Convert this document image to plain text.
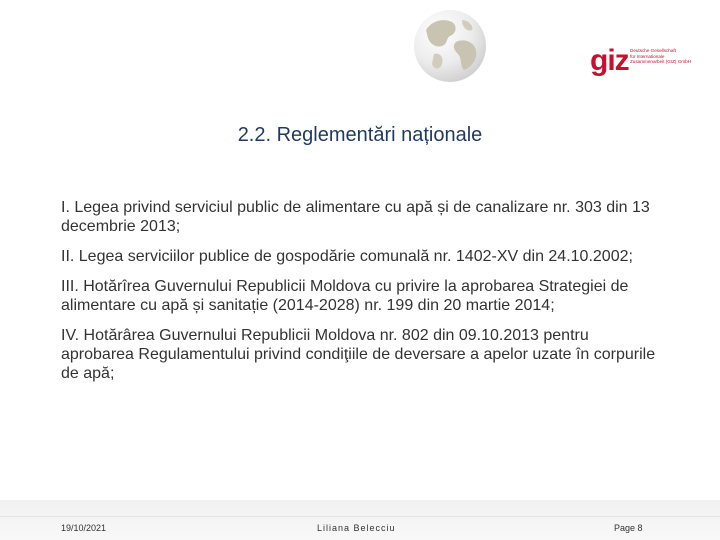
giz Deutsche Gesellschaft
für Internationale
Zusammenarbeit (GIZ) GmbH
2.2. Reglementări naționale

I. Legea privind serviciul public de alimentare cu apă și de canalizare nr. 303 din 13 decembrie 2013;

II. Legea serviciilor publice de gospodărie comunală nr. 1402-XV din 24.10.2002;

III. Hotărîrea Guvernului Republicii Moldova cu privire la aprobarea Strategiei de alimentare cu apă și sanitație (2014-2028) nr. 199 din 20 martie 2014;

IV. Hotărârea Guvernului Republicii Moldova nr. 802 din 09.10.2013 pentru aprobarea Regulamentului privind condiţiile de deversare a apelor uzate în corpurile de apă;

19/10/2021	Liliana Belecciu	Page 8
